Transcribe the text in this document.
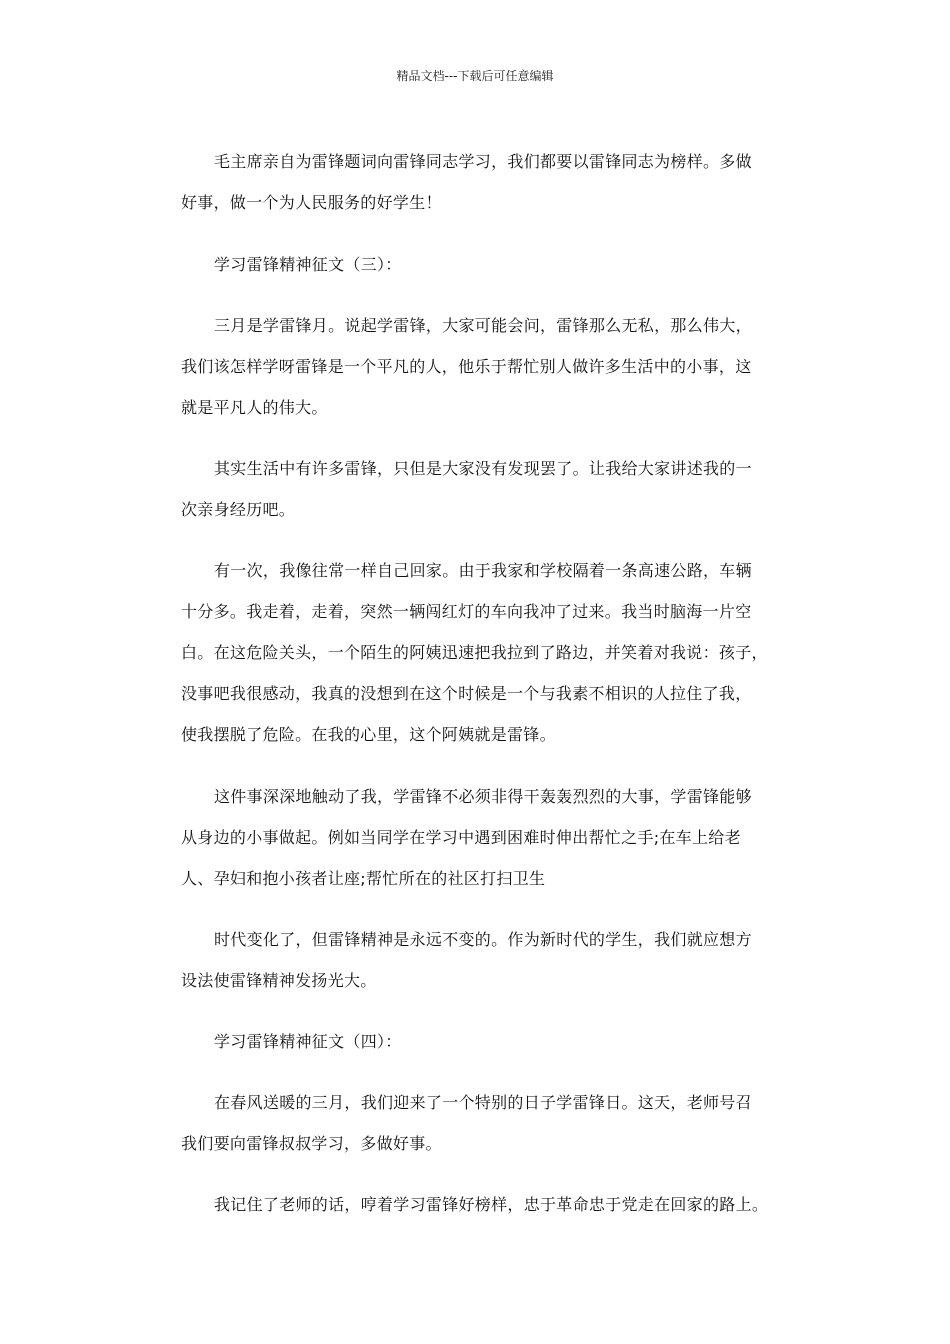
精品文档---下载后可任意编辑
毛主席亲自为雷锋题词向雷锋同志学习，我们都要以雷锋同志为榜样。多做
好事，做一个为人民服务的好学生！
学习雷锋精神征文（三）：
三月是学雷锋月。说起学雷锋，大家可能会问，雷锋那么无私，那么伟大，
我们该怎样学呀雷锋是一个平凡的人，他乐于帮忙别人做许多生活中的小事，这
就是平凡人的伟大。
其实生活中有许多雷锋，只但是大家没有发现罢了。让我给大家讲述我的一
次亲身经历吧。
有一次，我像往常一样自己回家。由于我家和学校隔着一条高速公路，车辆
十分多。我走着，走着，突然一辆闯红灯的车向我冲了过来。我当时脑海一片空
白。在这危险关头，一个陌生的阿姨迅速把我拉到了路边，并笑着对我说：孩子，
没事吧我很感动，我真的没想到在这个时候是一个与我素不相识的人拉住了我，
使我摆脱了危险。在我的心里，这个阿姨就是雷锋。
这件事深深地触动了我，学雷锋不必须非得干轰轰烈烈的大事，学雷锋能够
从身边的小事做起。例如当同学在学习中遇到困难时伸出帮忙之手;在车上给老
人、孕妇和抱小孩者让座;帮忙所在的社区打扫卫生
时代变化了，但雷锋精神是永远不变的。作为新时代的学生，我们就应想方
设法使雷锋精神发扬光大。
学习雷锋精神征文（四）：
在春风送暖的三月，我们迎来了一个特别的日子学雷锋日。这天，老师号召
我们要向雷锋叔叔学习，多做好事。
我记住了老师的话，哼着学习雷锋好榜样，忠于革命忠于党走在回家的路上。
